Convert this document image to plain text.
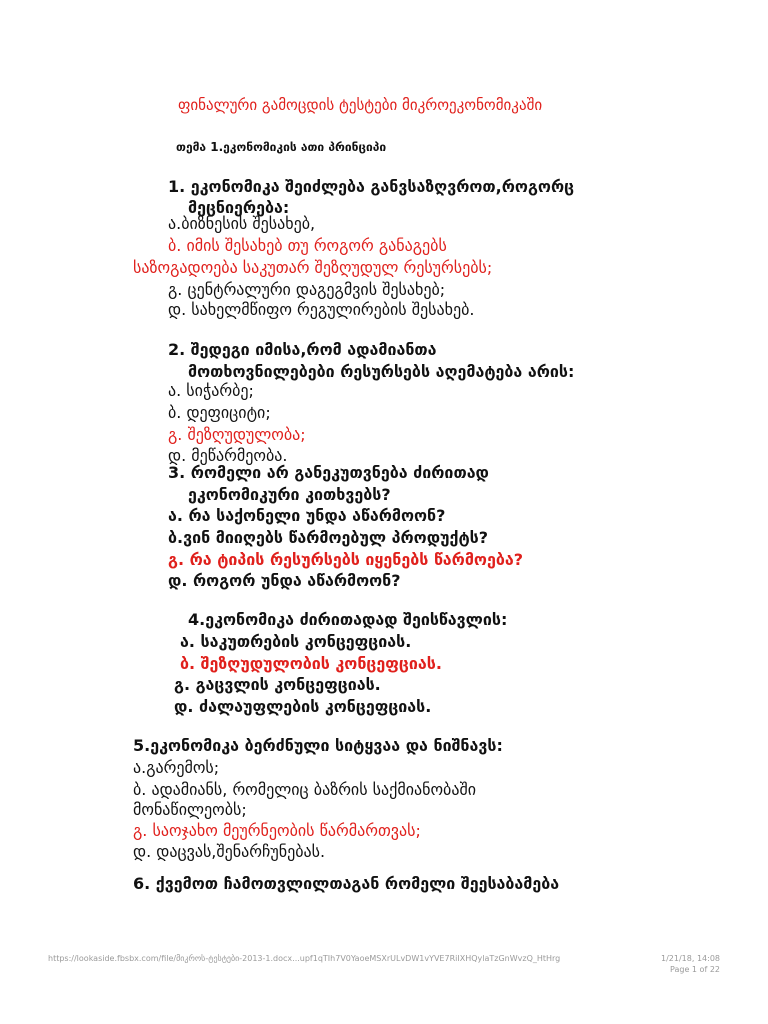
ფინალური გამოცდის ტესტები მიკროეკონომიკაში
თემა 1.ეკონომიკის ათი პრინციპი
1. ეკონომიკა შეიძლება განვსაზღვროთ,როგორც
მეცნიერება:
ა.ბიზნესის შესახებ,
ბ. იმის შესახებ თუ როგორ განაგებს
საზოგადოება საკუთარ შეზღუდულ რესურსებს;
გ. ცენტრალური დაგეგმვის შესახებ;
დ. სახელმწიფო რეგულირების შესახებ.
2. შედეგი იმისა,რომ ადამიანთა
მოთხოვნილებები რესურსებს აღემატება არის:
ა. სიჭარბე;
ბ. დეფიციტი;
გ. შეზღუდულობა;
დ. მეწარმეობა.
3. რომელი არ განეკუთვნება ძირითად
ეკონომიკური კითხვებს?
ა. რა საქონელი უნდა აწარმოონ?
ბ.ვინ მიიღებს წარმოებულ პროდუქტს?
გ. რა ტიპის რესურსებს იყენებს წარმოება?
დ. როგორ უნდა აწარმოონ?
4.ეკონომიკა ძირითადად შეისწავლის:
ა. საკუთრების კონცეფციას.
ბ. შეზღუდულობის კონცეფციას.
გ. გაცვლის კონცეფციას.
დ. ძალაუფლების კონცეფციას.
5.ეკონომიკა ბერძნული სიტყვაა და ნიშნავს:
ა.გარემოს;
ბ. ადამიანს, რომელიც ბაზრის საქმიანობაში
მონაწილეობს;
გ. საოჯახო მეურნეობის წარმართვას;
დ. დაცვას,შენარჩუნებას.
6. ქვემოთ ჩამოთვლილთაგან რომელი შეესაბამება
https://lookaside.fbsbx.com/file/მიკროს-ტესტები-2013-1.docx...upf1qTIh7V0YaoeMSXrULvDW1vYVE7RiIXHQylaTzGnWvzQ_HtHrg	1/21/18, 14:08
Page 1 of 22
